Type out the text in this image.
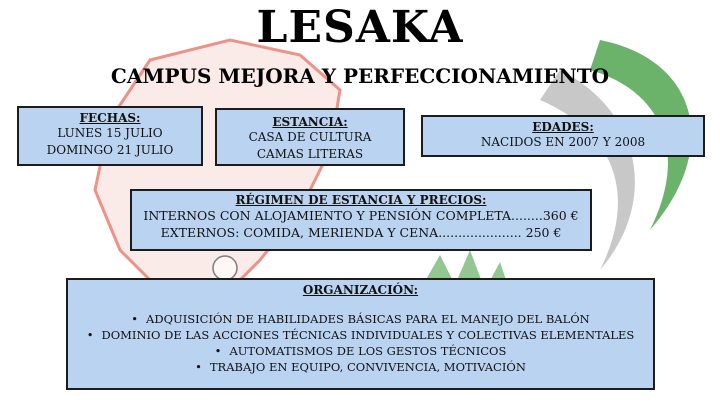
LESAKA
CAMPUS MEJORA Y PERFECCIONAMIENTO
FECHAS:
LUNES 15 JULIO
DOMINGO 21 JULIO
ESTANCIA:
CASA DE CULTURA
CAMAS LITERAS
EDADES:
NACIDOS EN 2007 Y 2008
RÉGIMEN DE ESTANCIA Y PRECIOS:
INTERNOS CON ALOJAMIENTO Y PENSIÓN COMPLETA........360 €
EXTERNOS: COMIDA, MERIENDA Y CENA..................... 250 €
ORGANIZACIÓN:
• ADQUISICIÓN DE HABILIDADES BÁSICAS PARA EL MANEJO DEL BALÓN
• DOMINIO DE LAS ACCIONES TÉCNICAS INDIVIDUALES Y COLECTIVAS ELEMENTALES
• AUTOMATISMOS DE LOS GESTOS TÉCNICOS
• TRABAJO EN EQUIPO, CONVIVENCIA, MOTIVACIÓN
